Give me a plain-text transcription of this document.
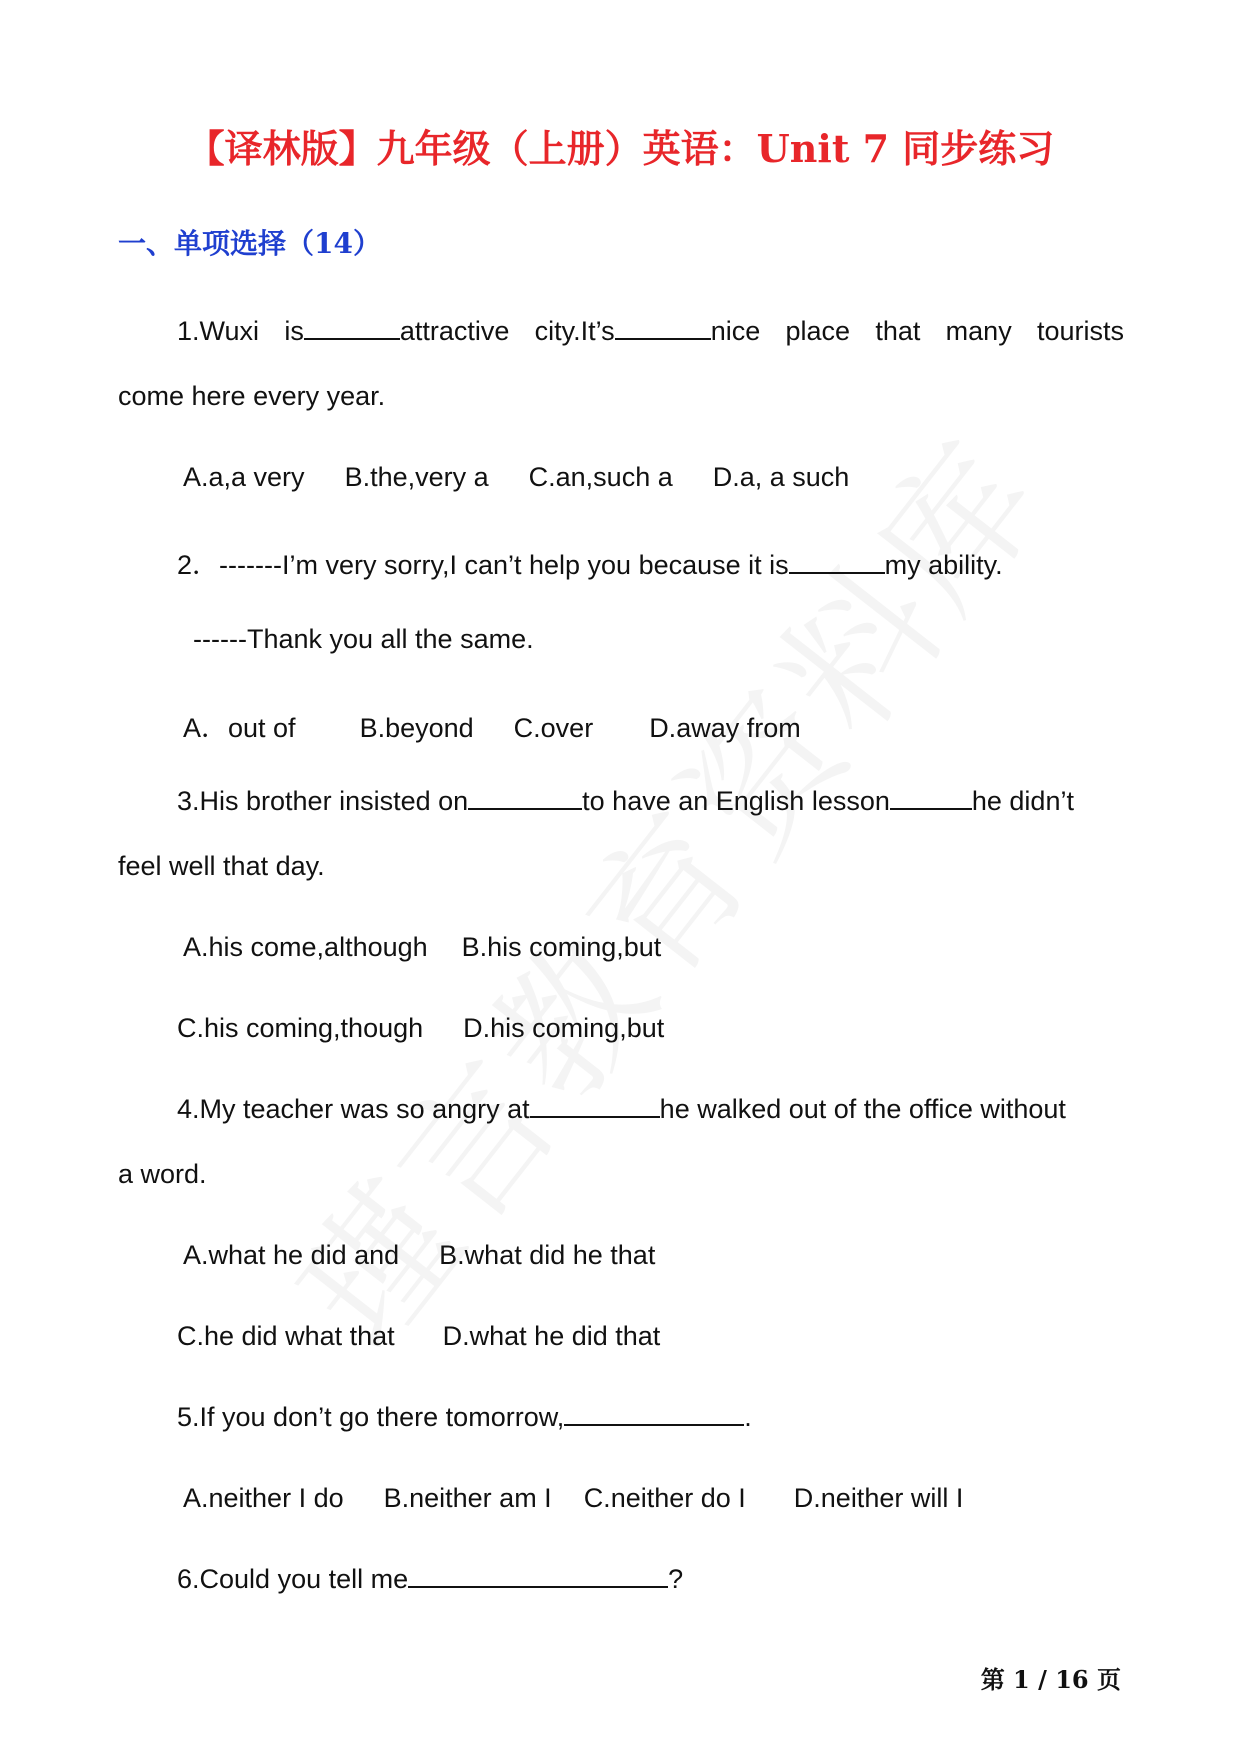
【译林版】九年级（上册）英语：Unit 7 同步练习
一、单项选择（14）

1.Wuxi is	attractive city.It’s	nice place that many tourists

come here every year.

A.a,a very B.the,very a C.an,such a D.a, a such

2．-------I’m very sorry,I can’t help you because it is	my ability.

------Thank you all the same.

A．out of B.beyond C.over D.away from

3.His brother insisted on	to have an English lesson	he didn’t

feel well that day.

A.his come,although B.his coming,but

C.his coming,though D.his coming,but

4.My teacher was so angry at	he walked out of the office without

a word.

A.what he did and B.what did he that

C.he did what that D.what he did that

5.If you don’t go there tomorrow,	.

A.neither I do B.neither am I C.neither do I D.neither will I

6.Could you tell me	?

第 1 / 16 页
